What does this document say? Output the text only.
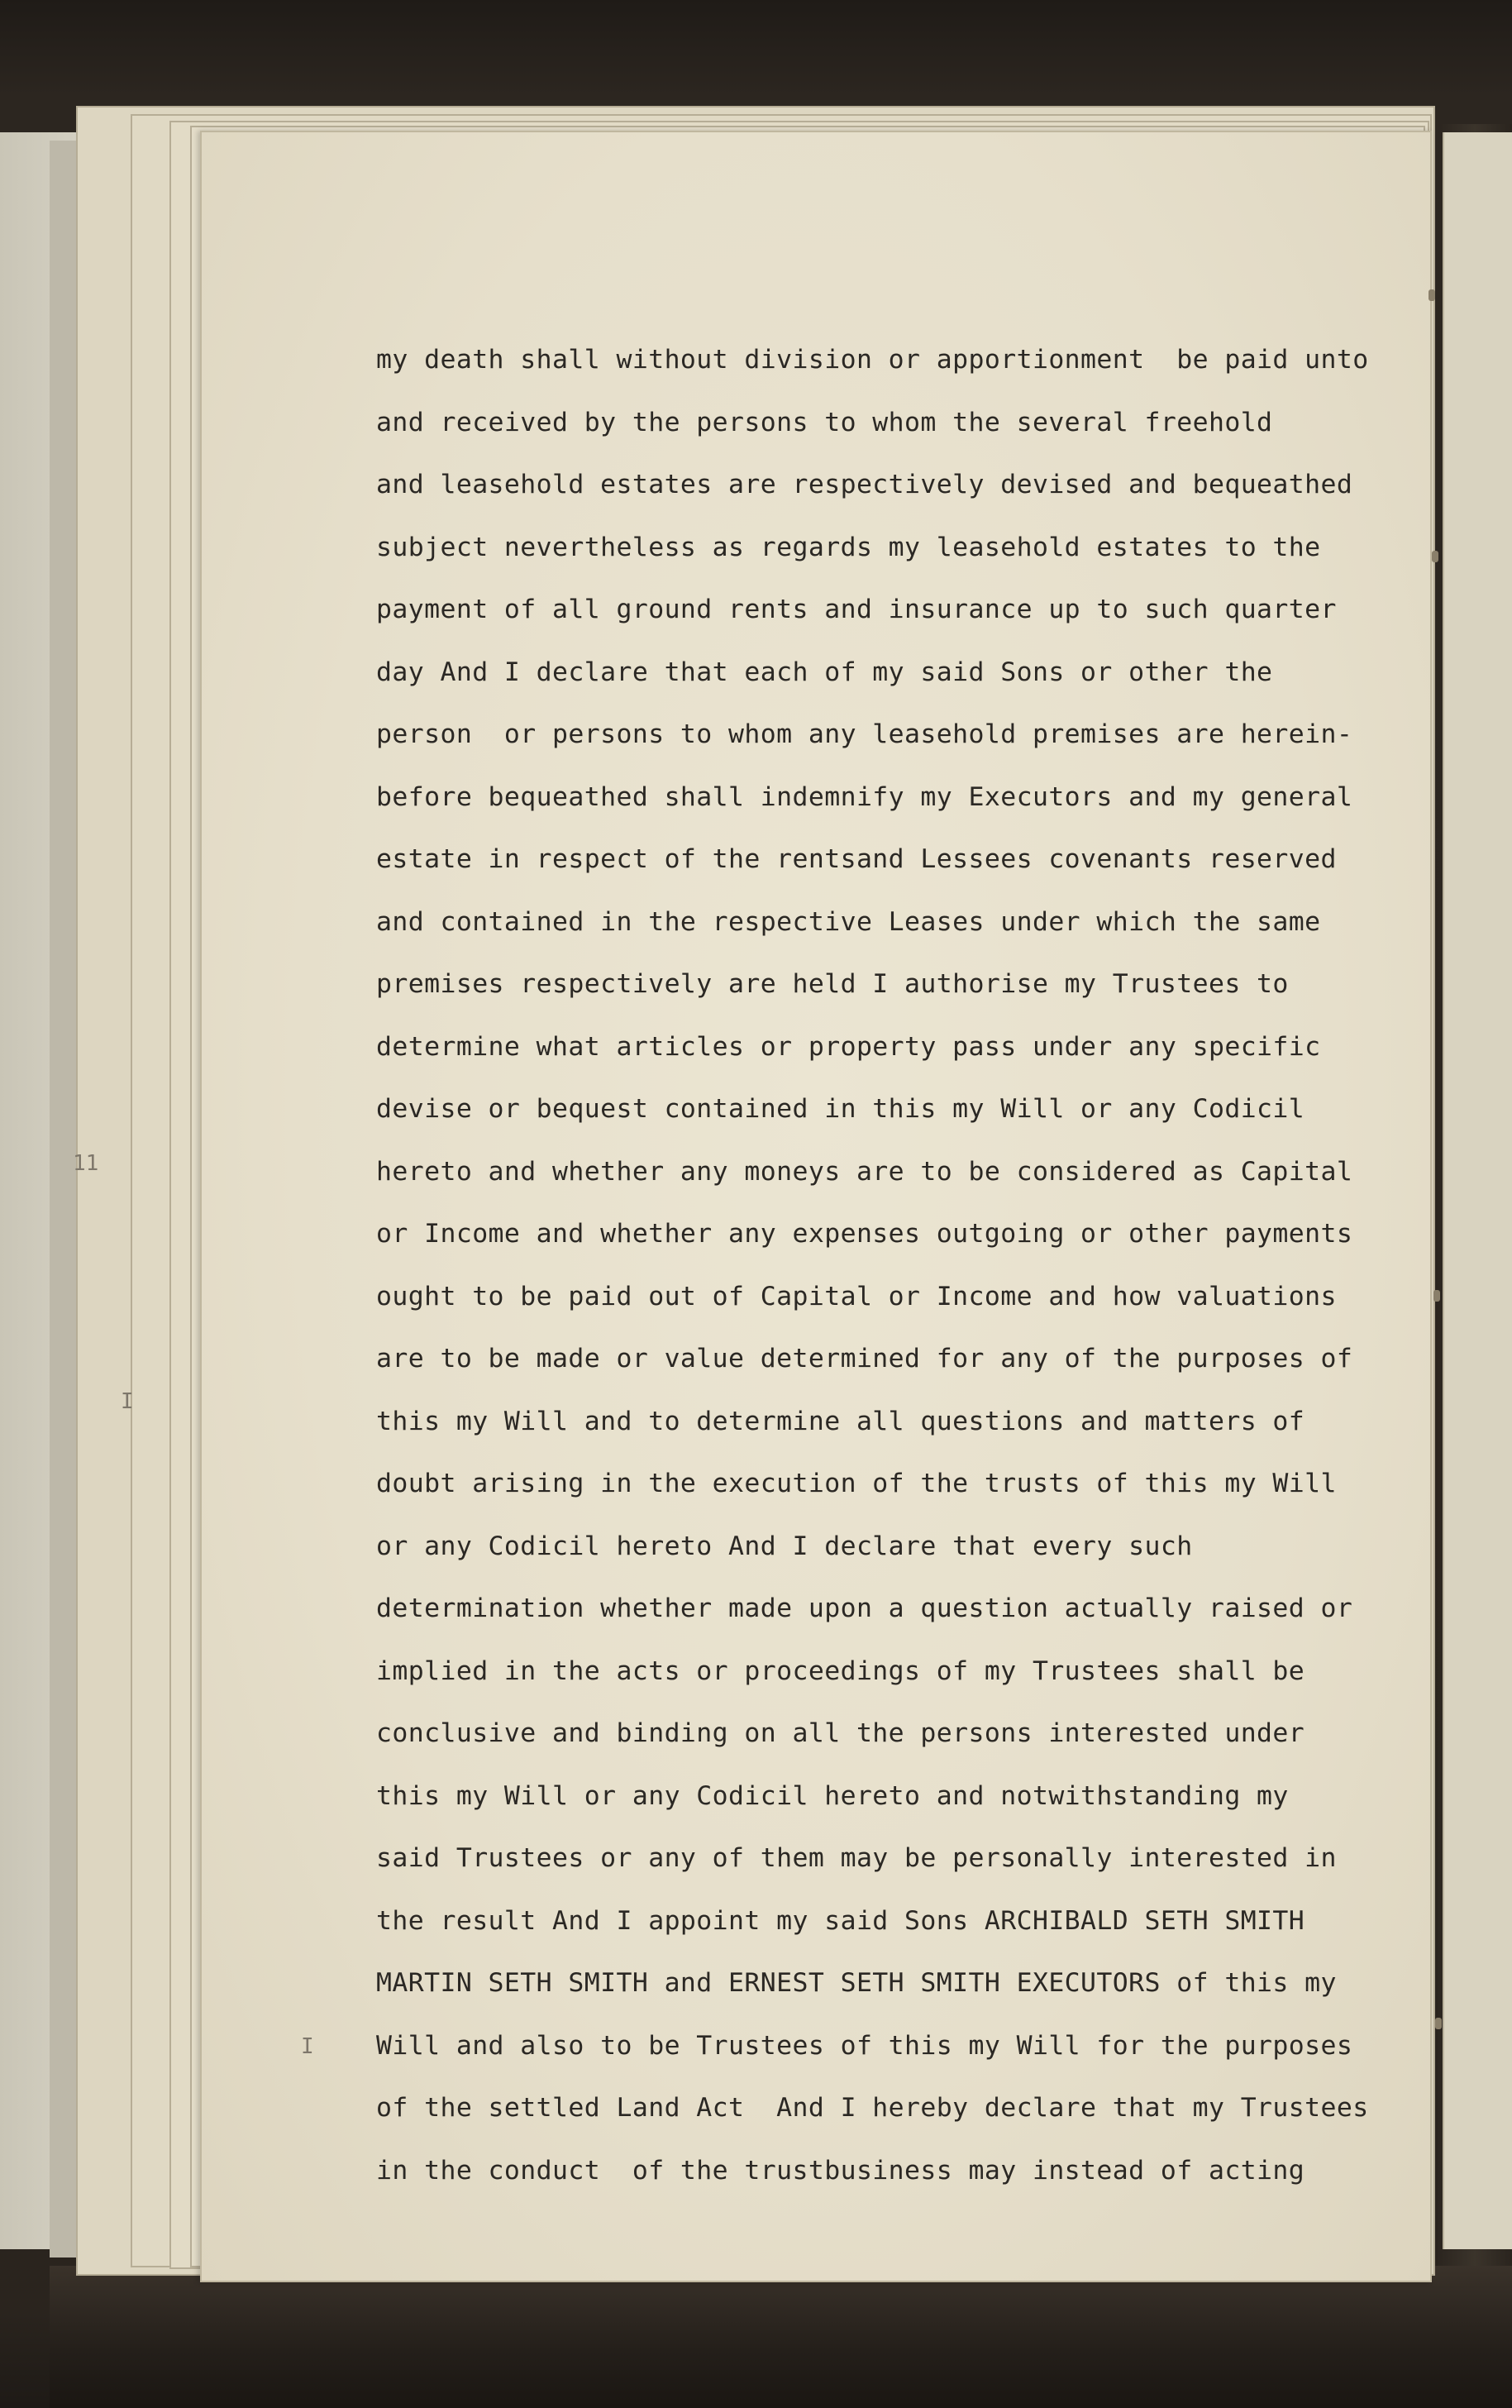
11
I
I
my death shall without division or apportionment  be paid unto
and received by the persons to whom the several freehold
and leasehold estates are respectively devised and bequeathed
subject nevertheless as regards my leasehold estates to the
payment of all ground rents and insurance up to such quarter
day And I declare that each of my said Sons or other the
person  or persons to whom any leasehold premises are herein-
before bequeathed shall indemnify my Executors and my general
estate in respect of the rentsand Lessees covenants reserved
and contained in the respective Leases under which the same
premises respectively are held I authorise my Trustees to
determine what articles or property pass under any specific
devise or bequest contained in this my Will or any Codicil
hereto and whether any moneys are to be considered as Capital
or Income and whether any expenses outgoing or other payments
ought to be paid out of Capital or Income and how valuations
are to be made or value determined for any of the purposes of
this my Will and to determine all questions and matters of
doubt arising in the execution of the trusts of this my Will
or any Codicil hereto And I declare that every such
determination whether made upon a question actually raised or
implied in the acts or proceedings of my Trustees shall be
conclusive and binding on all the persons interested under
this my Will or any Codicil hereto and notwithstanding my
said Trustees or any of them may be personally interested in
the result And I appoint my said Sons ARCHIBALD SETH SMITH
MARTIN SETH SMITH and ERNEST SETH SMITH EXECUTORS of this my
Will and also to be Trustees of this my Will for the purposes
of the settled Land Act  And I hereby declare that my Trustees
in the conduct  of the trustbusiness may instead of acting
